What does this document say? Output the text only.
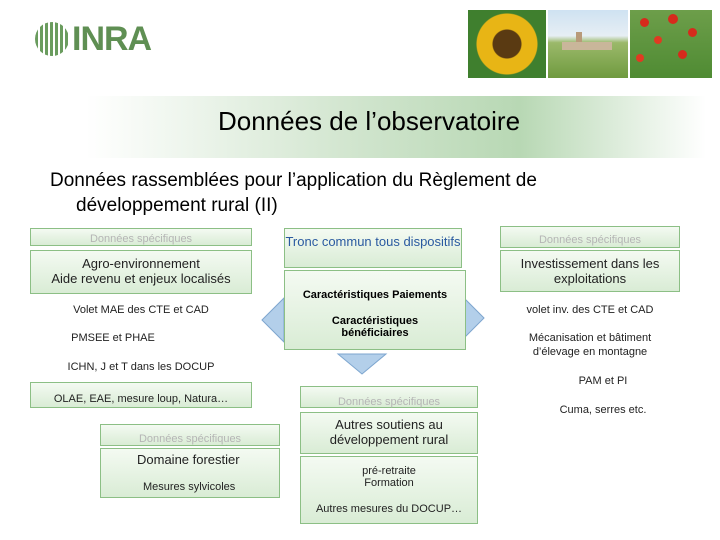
INRA
Données de l’observatoire
Données rassemblées pour l’application du Règlement de
développement rural (II)
Données spécifiques
Agro-environnement
Aide revenu et enjeux localisés
Volet MAE des CTE et CAD
PMSEE et PHAE
ICHN, J et T dans les DOCUP
OLAE, EAE, mesure loup, Natura…
Tronc commun tous dispositifs
Caractéristiques Paiements
Caractéristiques
bénéficiaires
Données spécifiques
Investissement dans les
exploitations
volet inv. des CTE et CAD
Mécanisation et bâtiment
d’élevage en montagne
PAM et PI
Cuma, serres etc.
Données spécifiques
Domaine forestier
Mesures sylvicoles
Données spécifiques
Autres soutiens au
développement rural
pré-retraite
Formation
Autres mesures du DOCUP…
